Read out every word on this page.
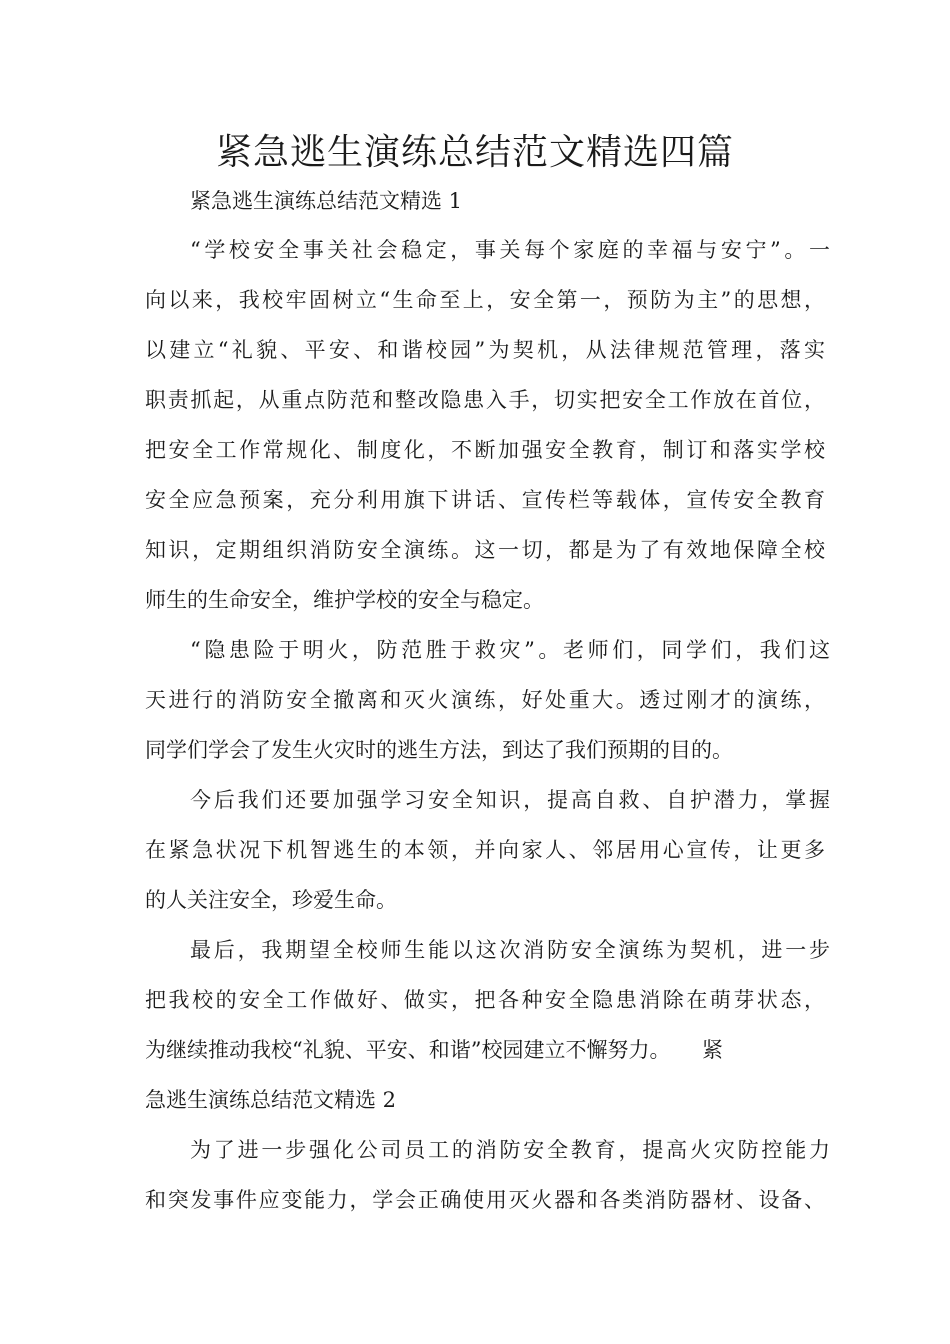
紧急逃生演练总结范文精选四篇

紧急逃生演练总结范文精选 1

“学校安全事关社会稳定，事关每个家庭的幸福与安宁”。一

向以来，我校牢固树立“生命至上，安全第一，预防为主”的思想，

以建立“礼貌、平安、和谐校园”为契机，从法律规范管理，落实

职责抓起，从重点防范和整改隐患入手，切实把安全工作放在首位，

把安全工作常规化、制度化，不断加强安全教育，制订和落实学校

安全应急预案，充分利用旗下讲话、宣传栏等载体，宣传安全教育

知识，定期组织消防安全演练。这一切，都是为了有效地保障全校

师生的生命安全，维护学校的安全与稳定。

“隐患险于明火，防范胜于救灾”。老师们，同学们，我们这

天进行的消防安全撤离和灭火演练，好处重大。透过刚才的演练，

同学们学会了发生火灾时的逃生方法，到达了我们预期的目的。

今后我们还要加强学习安全知识，提高自救、自护潜力，掌握

在紧急状况下机智逃生的本领，并向家人、邻居用心宣传，让更多

的人关注安全，珍爱生命。

最后，我期望全校师生能以这次消防安全演练为契机，进一步

把我校的安全工作做好、做实，把各种安全隐患消除在萌芽状态，

为继续推动我校“礼貌、平安、和谐”校园建立不懈努力。　　紧

急逃生演练总结范文精选 2

为了进一步强化公司员工的消防安全教育，提高火灾防控能力

和突发事件应变能力，学会正确使用灭火器和各类消防器材、设备、
